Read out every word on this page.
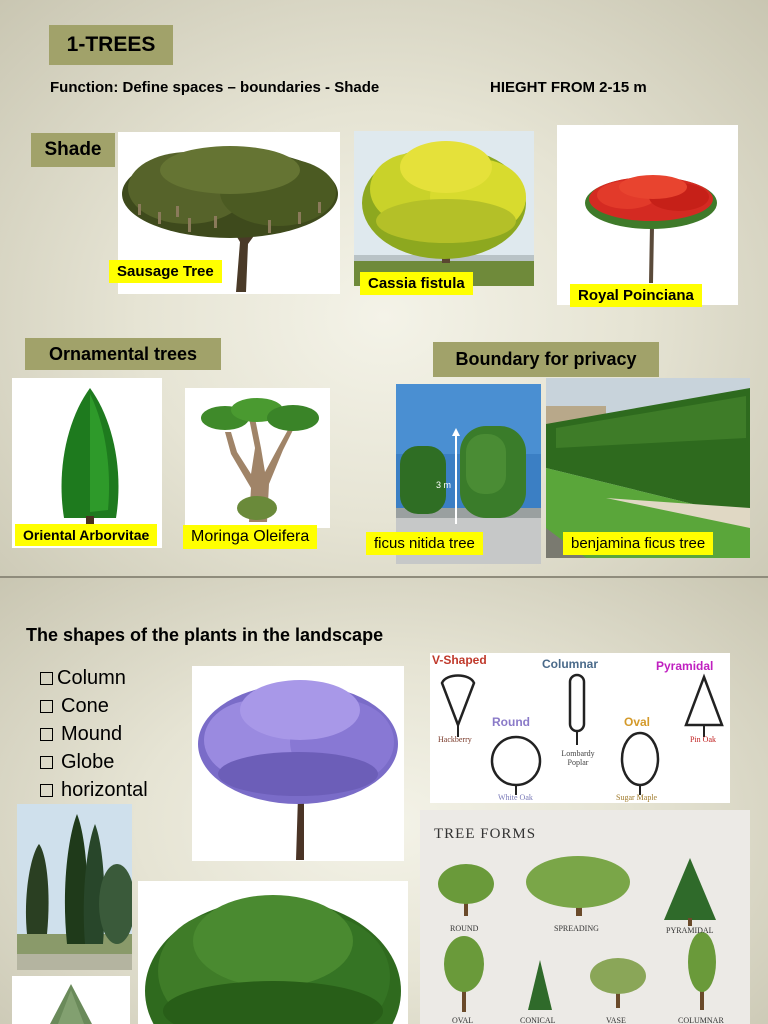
1-TREES
Function: Define spaces – boundaries - Shade	HIEGHT FROM 2-15 m
Shade
Sausage Tree
Cassia fistula
Royal Poinciana
Ornamental trees	Boundary for privacy
Oriental Arborvitae	Moringa Oleifera
3 m
ficus nitida tree	benjamina ficus tree
The shapes of the plants in the landscape
Column
Cone
Mound
Globe
horizontal
V-Shaped	Columnar	Pyramidal
Round	Oval
Hackberry
Lombardy Poplar
Pin Oak
White Oak	Sugar Maple
TREE FORMS
ROUND	SPREADING	PYRAMIDAL
OVAL	CONICAL	VASE	COLUMNAR
